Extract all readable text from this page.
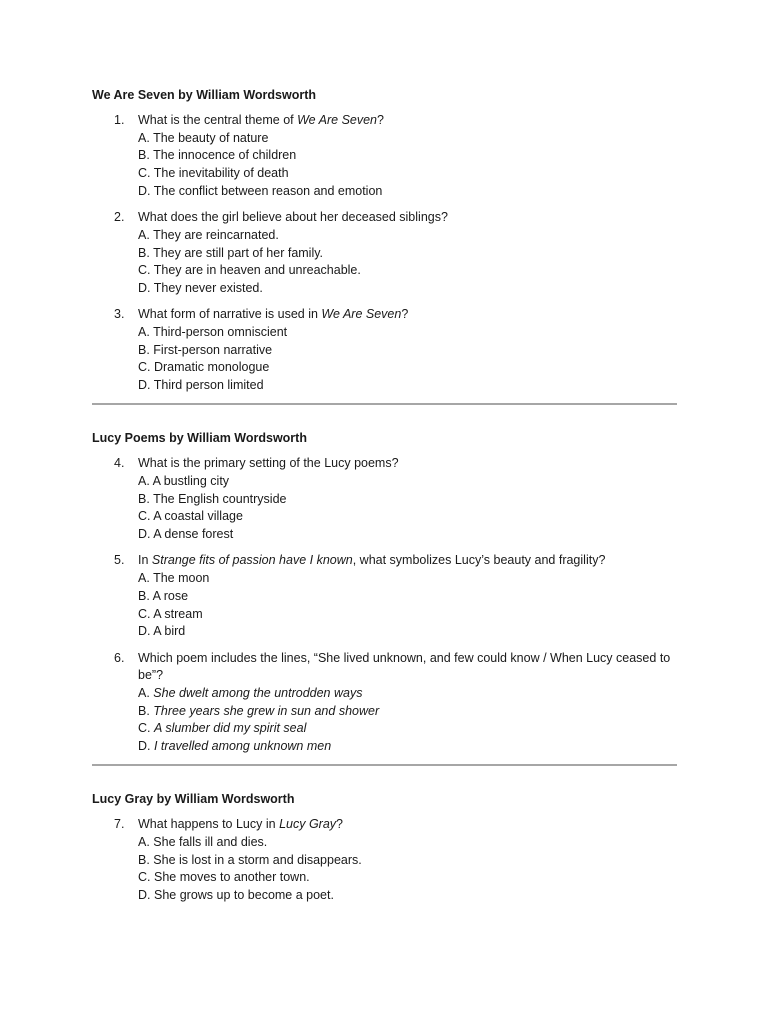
We Are Seven by William Wordsworth
1. What is the central theme of We Are Seven?
A. The beauty of nature
B. The innocence of children
C. The inevitability of death
D. The conflict between reason and emotion
2. What does the girl believe about her deceased siblings?
A. They are reincarnated.
B. They are still part of her family.
C. They are in heaven and unreachable.
D. They never existed.
3. What form of narrative is used in We Are Seven?
A. Third-person omniscient
B. First-person narrative
C. Dramatic monologue
D. Third person limited
Lucy Poems by William Wordsworth
4. What is the primary setting of the Lucy poems?
A. A bustling city
B. The English countryside
C. A coastal village
D. A dense forest
5. In Strange fits of passion have I known, what symbolizes Lucy’s beauty and fragility?
A. The moon
B. A rose
C. A stream
D. A bird
6. Which poem includes the lines, “She lived unknown, and few could know / When Lucy ceased to be”?
A. She dwelt among the untrodden ways
B. Three years she grew in sun and shower
C. A slumber did my spirit seal
D. I travelled among unknown men
Lucy Gray by William Wordsworth
7. What happens to Lucy in Lucy Gray?
A. She falls ill and dies.
B. She is lost in a storm and disappears.
C. She moves to another town.
D. She grows up to become a poet.
